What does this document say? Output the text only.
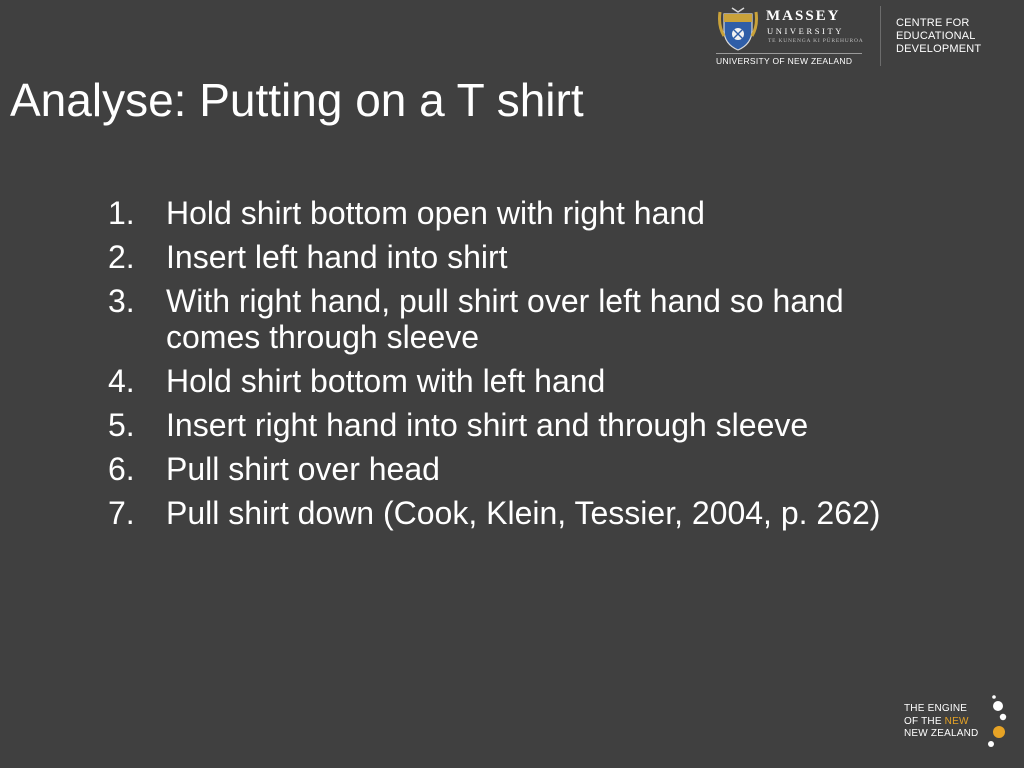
MASSEY
UNIVERSITY
TE KUNENGA KI PŪREHUROA
UNIVERSITY OF NEW ZEALAND
CENTRE FOR
EDUCATIONAL
DEVELOPMENT
Analyse: Putting on a T shirt
1. Hold shirt bottom open with right hand
2. Insert left hand into shirt
3. With right hand, pull shirt over left hand so hand comes through sleeve
4. Hold shirt bottom with left hand
5. Insert right hand into shirt and through sleeve
6. Pull shirt over head
7. Pull shirt down (Cook, Klein, Tessier, 2004, p. 262)
THE ENGINE
OF THE NEW
NEW ZEALAND
